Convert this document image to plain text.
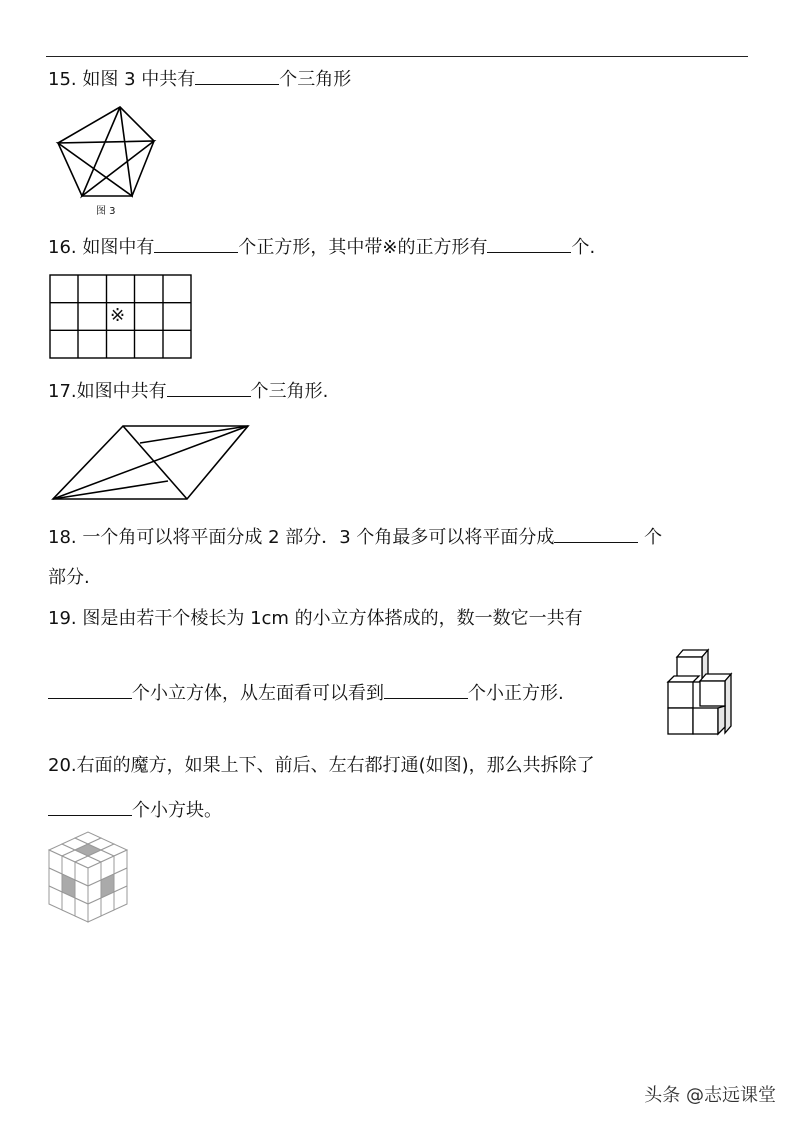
15. 如图 3 中共有	个三角形
图 3
16. 如图中有	个正方形，其中带※的正方形有	个.
※
17.如图中共有	个三角形.
18. 一个角可以将平面分成 2 部分．3 个角最多可以将平面分成	个
部分.
19. 图是由若干个棱长为 1cm 的小立方体搭成的，数一数它一共有
个小立方体，从左面看可以看到	个小正方形.
20.右面的魔方，如果上下、前后、左右都打通(如图)，那么共拆除了
个小方块。
头条 @志远课堂
